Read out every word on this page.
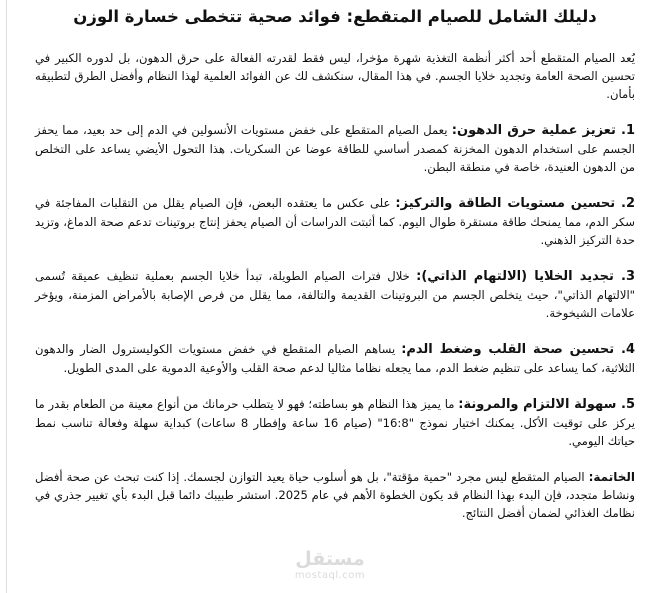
دليلك الشامل للصيام المتقطع: فوائد صحية تتخطى خسارة الوزن

يُعد الصيام المتقطع أحد أكثر أنظمة التغذية شهرة مؤخرا، ليس فقط لقدرته الفعالة على حرق الدهون، بل لدوره الكبير في تحسين الصحة العامة وتجديد خلايا الجسم. في هذا المقال، سنكشف لك عن الفوائد العلمية لهذا النظام وأفضل الطرق لتطبيقه بأمان.

1. تعزيز عملية حرق الدهون: يعمل الصيام المتقطع على خفض مستويات الأنسولين في الدم إلى حد بعيد، مما يحفز الجسم على استخدام الدهون المخزنة كمصدر أساسي للطاقة عوضا عن السكريات. هذا التحول الأيضي يساعد على التخلص من الدهون العنيدة، خاصة في منطقة البطن.

2. تحسين مستويات الطاقة والتركيز: على عكس ما يعتقده البعض، فإن الصيام يقلل من التقلبات المفاجئة في سكر الدم، مما يمنحك طاقة مستقرة طوال اليوم. كما أثبتت الدراسات أن الصيام يحفز إنتاج بروتينات تدعم صحة الدماغ، وتزيد حدة التركيز الذهني.

3. تجديد الخلايا (الالتهام الذاتي): خلال فترات الصيام الطويلة، تبدأ خلايا الجسم بعملية تنظيف عميقة تُسمى "الالتهام الذاتي"، حيث يتخلص الجسم من البروتينات القديمة والتالفة، مما يقلل من فرص الإصابة بالأمراض المزمنة، ويؤخر علامات الشيخوخة.

4. تحسين صحة القلب وضغط الدم: يساهم الصيام المتقطع في خفض مستويات الكوليسترول الضار والدهون الثلاثية، كما يساعد على تنظيم ضغط الدم، مما يجعله نظاما مثاليا لدعم صحة القلب والأوعية الدموية على المدى الطويل.

5. سهولة الالتزام والمرونة: ما يميز هذا النظام هو بساطته؛ فهو لا يتطلب حرمانك من أنواع معينة من الطعام بقدر ما يركز على توقيت الأكل. يمكنك اختيار نموذج "16:8" (صيام 16 ساعة وإفطار 8 ساعات) كبداية سهلة وفعالة تناسب نمط حياتك اليومي.

الخاتمة: الصيام المتقطع ليس مجرد "حمية مؤقتة"، بل هو أسلوب حياة يعيد التوازن لجسمك. إذا كنت تبحث عن صحة أفضل ونشاط متجدد، فإن البدء بهذا النظام قد يكون الخطوة الأهم في عام 2025. استشر طبيبك دائما قبل البدء بأي تغيير جذري في نظامك الغذائي لضمان أفضل النتائج.

مستقل
mostaql.com
